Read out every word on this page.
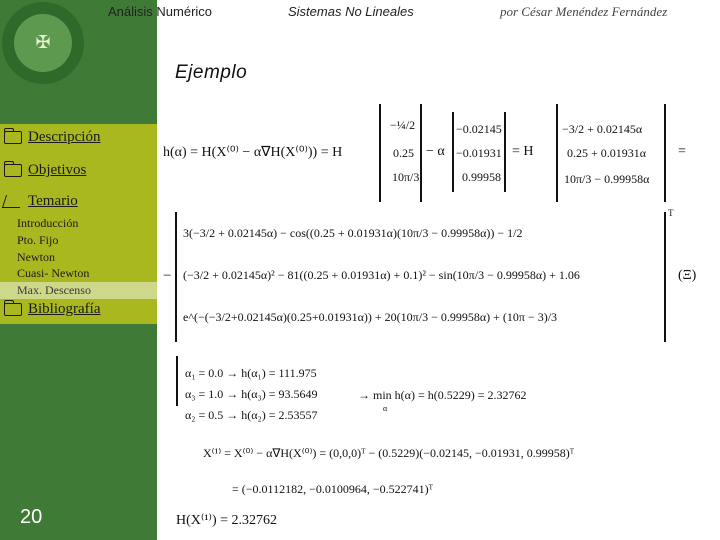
✠
Descripción
Objetivos
Temario
Introducción
Pto. Fijo
Newton
Cuasi- Newton
Max. Descenso
Bibliografía
20
Análisis Numérico	Sistemas No Lineales	por César Menéndez Fernández
Ejemplo
h(α) = H(X⁽⁰⁾ − α∇H(X⁽⁰⁾)) = H
−¼/2
0.25
10π/3
− α
−0.02145
−0.01931
0.99958
= H
−3/2 + 0.02145α
0.25 + 0.01931α
10π/3 − 0.99958α
=
−
T
3(−3/2 + 0.02145α) − cos((0.25 + 0.01931α)(10π/3 − 0.99958α)) − 1/2
(−3/2 + 0.02145α)² − 81((0.25 + 0.01931α) + 0.1)² − sin(10π/3 − 0.99958α) + 1.06
e^(−(−3/2+0.02145α)(0.25+0.01931α)) + 20(10π/3 − 0.99958α) + (10π − 3)/3
(Ξ)
α₁ = 0.0 → h(α₁) = 111.975
α₃ = 1.0 → h(α₃) = 93.5649
α₂ = 0.5 → h(α₂) = 2.53557
→ min h(α) = h(0.5229) = 2.32762
α
X⁽¹⁾ = X⁽⁰⁾ − α∇H(X⁽⁰⁾) = (0,0,0)ᵀ − (0.5229)(−0.02145, −0.01931, 0.99958)ᵀ
= (−0.0112182, −0.0100964, −0.522741)ᵀ
H(X⁽¹⁾) = 2.32762
